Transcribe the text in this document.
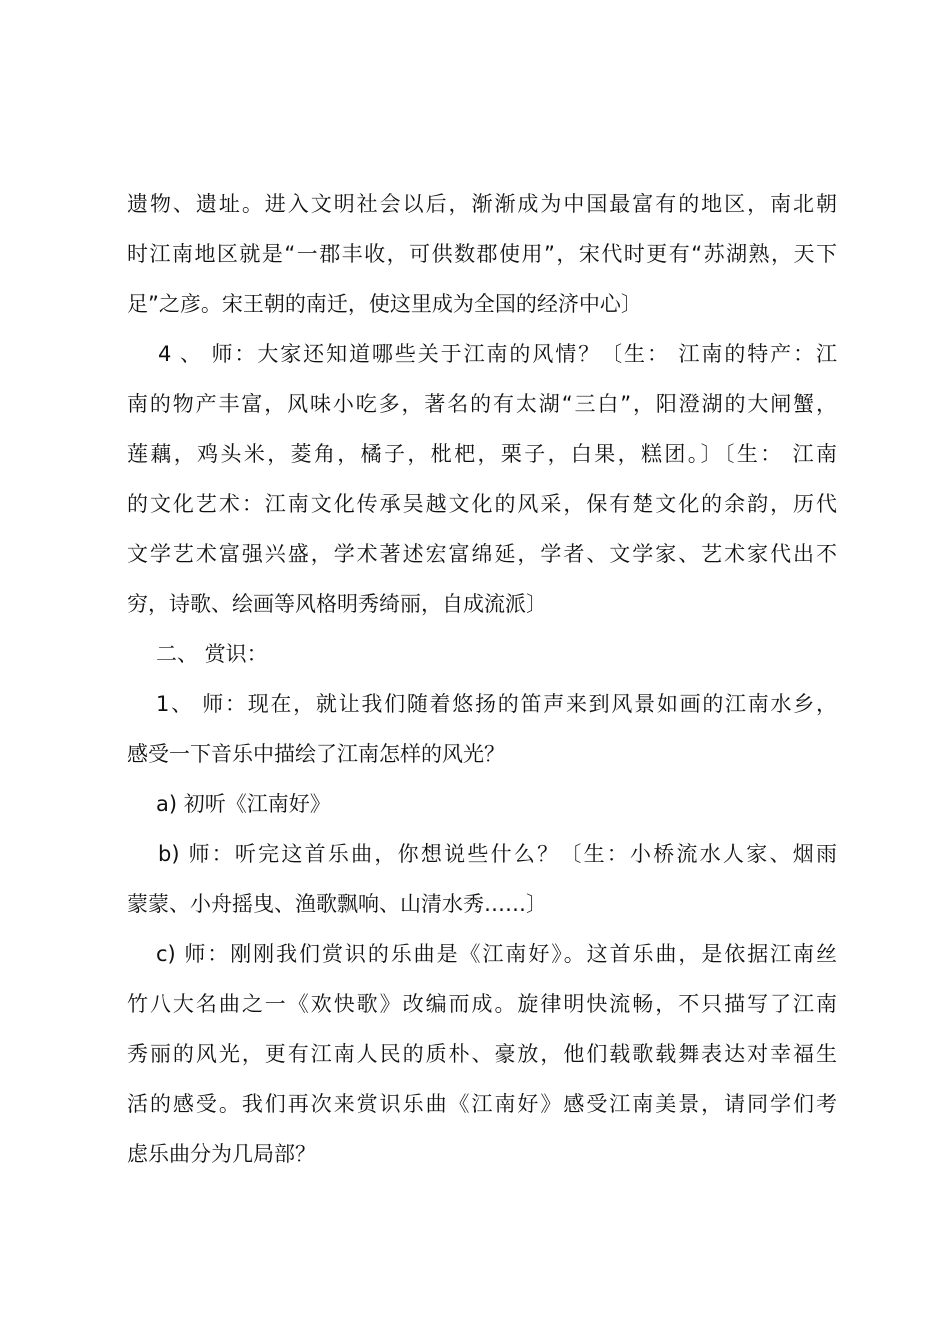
遗物、遗址。进入文明社会以后，渐渐成为中国最富有的地区，南北朝
时江南地区就是“一郡丰收，可供数郡使用”，宋代时更有“苏湖熟，天下
足”之彦。宋王朝的南迁，使这里成为全国的经济中心〕
4 、 师：大家还知道哪些关于江南的风情？〔生： 江南的特产：江
南的物产丰富，风味小吃多，著名的有太湖“三白”，阳澄湖的大闸蟹，
莲藕，鸡头米，菱角，橘子，枇杷，栗子，白果，糕团。〕〔生： 江南
的文化艺术：江南文化传承吴越文化的风采，保有楚文化的余韵，历代
文学艺术富强兴盛，学术著述宏富绵延，学者、文学家、艺术家代出不
穷，诗歌、绘画等风格明秀绮丽，自成流派〕
二、 赏识：
1、 师：现在，就让我们随着悠扬的笛声来到风景如画的江南水乡，
感受一下音乐中描绘了江南怎样的风光？
a) 初听《江南好》
b) 师：听完这首乐曲，你想说些什么？〔生：小桥流水人家、烟雨
蒙蒙、小舟摇曳、渔歌飘响、山清水秀……〕
c) 师：刚刚我们赏识的乐曲是《江南好》。这首乐曲，是依据江南丝
竹八大名曲之一《欢快歌》改编而成。旋律明快流畅，不只描写了江南
秀丽的风光，更有江南人民的质朴、豪放，他们载歌载舞表达对幸福生
活的感受。我们再次来赏识乐曲《江南好》感受江南美景，请同学们考
虑乐曲分为几局部？
